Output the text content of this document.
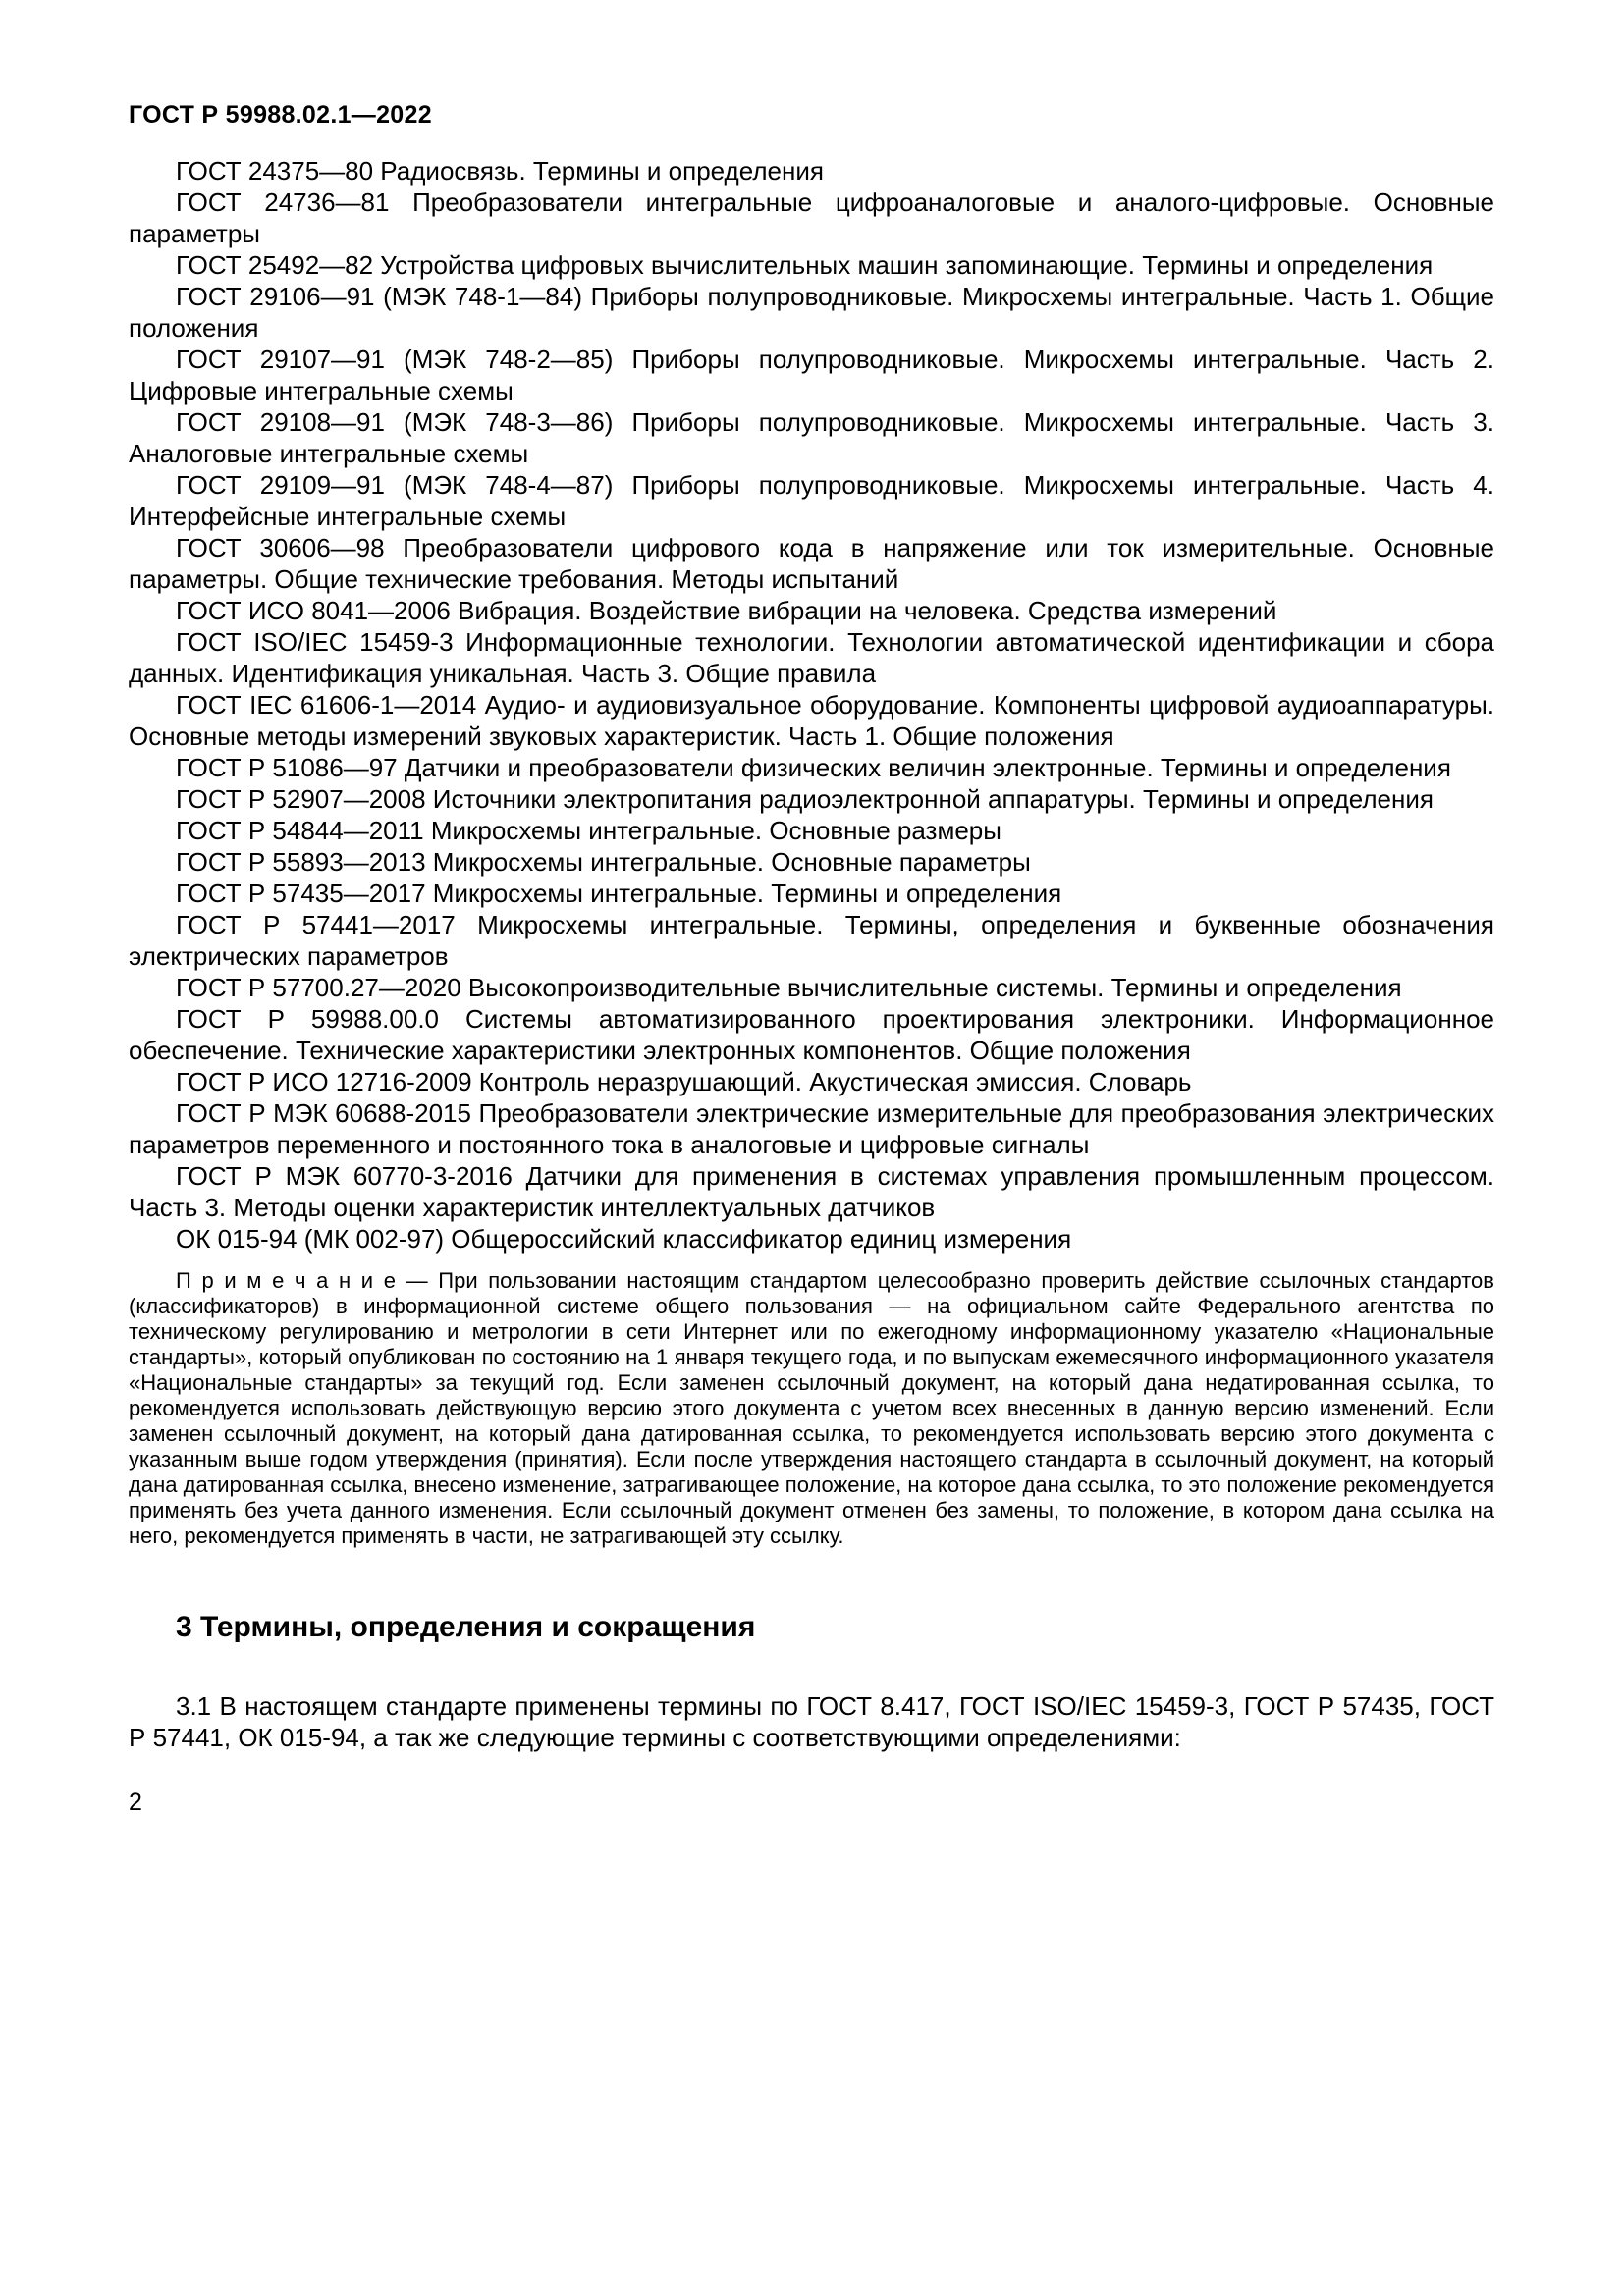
ГОСТ Р 59988.02.1—2022

ГОСТ 24375—80 Радиосвязь. Термины и определения

ГОСТ 24736—81 Преобразователи интегральные цифроаналоговые и аналого-цифровые. Основные параметры

ГОСТ 25492—82 Устройства цифровых вычислительных машин запоминающие. Термины и определения

ГОСТ 29106—91 (МЭК 748-1—84) Приборы полупроводниковые. Микросхемы интегральные. Часть 1. Общие положения

ГОСТ 29107—91 (МЭК 748-2—85) Приборы полупроводниковые. Микросхемы интегральные. Часть 2. Цифровые интегральные схемы

ГОСТ 29108—91 (МЭК 748-3—86) Приборы полупроводниковые. Микросхемы интегральные. Часть 3. Аналоговые интегральные схемы

ГОСТ 29109—91 (МЭК 748-4—87) Приборы полупроводниковые. Микросхемы интегральные. Часть 4. Интерфейсные интегральные схемы

ГОСТ 30606—98 Преобразователи цифрового кода в напряжение или ток измерительные. Основные параметры. Общие технические требования. Методы испытаний

ГОСТ ИСО 8041—2006 Вибрация. Воздействие вибрации на человека. Средства измерений

ГОСТ ISO/IEC 15459-3 Информационные технологии. Технологии автоматической идентификации и сбора данных. Идентификация уникальная. Часть 3. Общие правила

ГОСТ IEC 61606-1—2014 Аудио- и аудиовизуальное оборудование. Компоненты цифровой аудиоаппаратуры. Основные методы измерений звуковых характеристик. Часть 1. Общие положения

ГОСТ Р 51086—97 Датчики и преобразователи физических величин электронные. Термины и определения

ГОСТ Р 52907—2008 Источники электропитания радиоэлектронной аппаратуры. Термины и определения

ГОСТ Р 54844—2011 Микросхемы интегральные. Основные размеры

ГОСТ Р 55893—2013 Микросхемы интегральные. Основные параметры

ГОСТ Р 57435—2017 Микросхемы интегральные. Термины и определения

ГОСТ Р 57441—2017 Микросхемы интегральные. Термины, определения и буквенные обозначения электрических параметров

ГОСТ Р 57700.27—2020 Высокопроизводительные вычислительные системы. Термины и определения

ГОСТ Р 59988.00.0 Системы автоматизированного проектирования электроники. Информационное обеспечение. Технические характеристики электронных компонентов. Общие положения

ГОСТ Р ИСО 12716-2009 Контроль неразрушающий. Акустическая эмиссия. Словарь

ГОСТ Р МЭК 60688-2015 Преобразователи электрические измерительные для преобразования электрических параметров переменного и постоянного тока в аналоговые и цифровые сигналы

ГОСТ Р МЭК 60770-3-2016 Датчики для применения в системах управления промышленным процессом. Часть 3. Методы оценки характеристик интеллектуальных датчиков

ОК 015-94 (МК 002-97) Общероссийский классификатор единиц измерения

П р и м е ч а н и е — При пользовании настоящим стандартом целесообразно проверить действие ссылочных стандартов (классификаторов) в информационной системе общего пользования — на официальном сайте Федерального агентства по техническому регулированию и метрологии в сети Интернет или по ежегодному информационному указателю «Национальные стандарты», который опубликован по состоянию на 1 января текущего года, и по выпускам ежемесячного информационного указателя «Национальные стандарты» за текущий год. Если заменен ссылочный документ, на который дана недатированная ссылка, то рекомендуется использовать действующую версию этого документа с учетом всех внесенных в данную версию изменений. Если заменен ссылочный документ, на который дана датированная ссылка, то рекомендуется использовать версию этого документа с указанным выше годом утверждения (принятия). Если после утверждения настоящего стандарта в ссылочный документ, на который дана датированная ссылка, внесено изменение, затрагивающее положение, на которое дана ссылка, то это положение рекомендуется применять без учета данного изменения. Если ссылочный документ отменен без замены, то положение, в котором дана ссылка на него, рекомендуется применять в части, не затрагивающей эту ссылку.

3 Термины, определения и сокращения

3.1 В настоящем стандарте применены термины по ГОСТ 8.417, ГОСТ ISO/IEC 15459-3, ГОСТ Р 57435, ГОСТ Р 57441, ОК 015-94, а так же следующие термины с соответствующими определениями:

2
